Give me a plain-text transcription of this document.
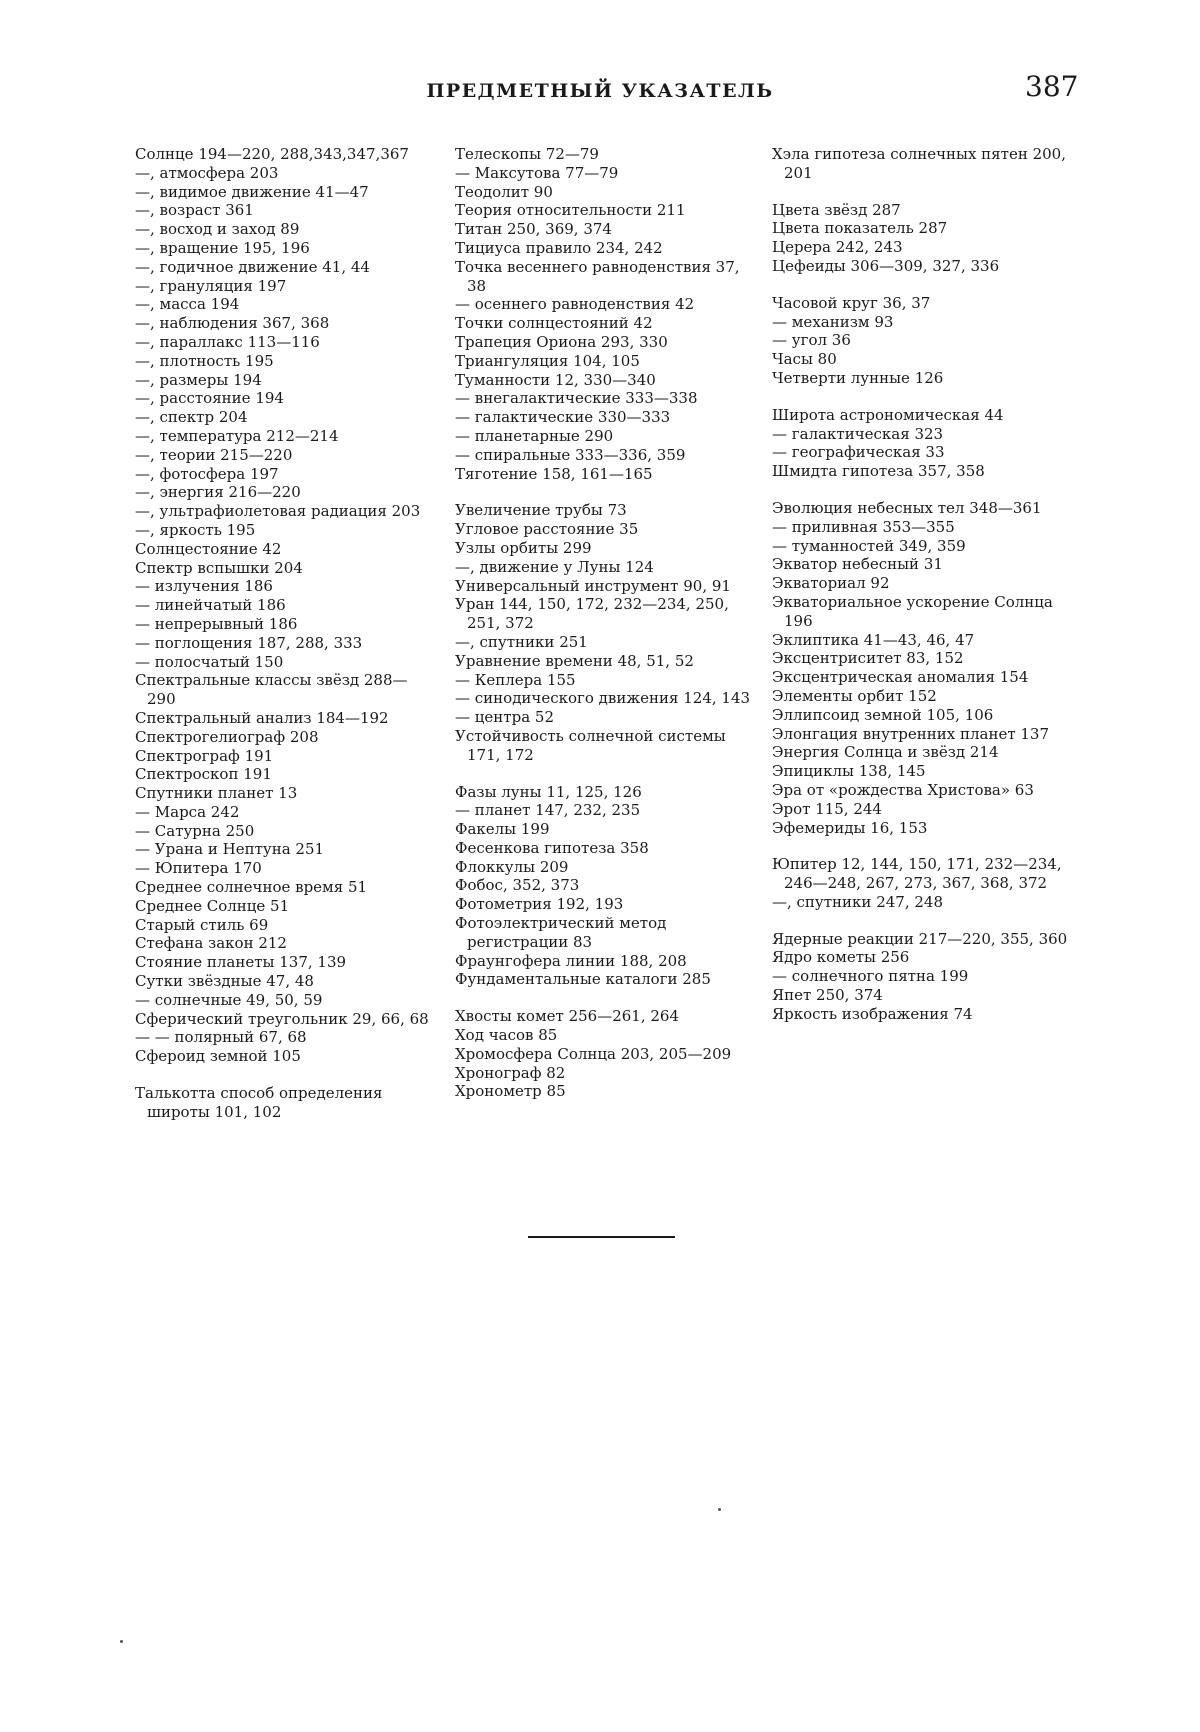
ПРЕДМЕТНЫЙ УКАЗАТЕЛЬ	387
Солнце 194—220, 288,343,347,367
—, атмосфера 203
—, видимое движение 41—47
—, возраст 361
—, восход и заход 89
—, вращение 195, 196
—, годичное движение 41, 44
—, грануляция 197
—, масса 194
—, наблюдения 367, 368
—, параллакс 113—116
—, плотность 195
—, размеры 194
—, расстояние 194
—, спектр 204
—, температура 212—214
—, теории 215—220
—, фотосфера 197
—, энергия 216—220
—, ультрафиолетовая радиация 203
—, яркость 195
Солнцестояние 42
Спектр вспышки 204
— излучения 186
— линейчатый 186
— непрерывный 186
— поглощения 187, 288, 333
— полосчатый 150
Спектральные классы звёзд 288—290
Спектральный анализ 184—192
Спектрогелиограф 208
Спектрограф 191
Спектроскоп 191
Спутники планет 13
— Марса 242
— Сатурна 250
— Урана и Нептуна 251
— Юпитера 170
Среднее солнечное время 51
Среднее Солнце 51
Старый стиль 69
Стефана закон 212
Стояние планеты 137, 139
Сутки звёздные 47, 48
— солнечные 49, 50, 59
Сферический треугольник 29, 66, 68
— — полярный 67, 68
Сфероид земной 105
Талькотта способ определения широты 101, 102
Телескопы 72—79
— Максутова 77—79
Теодолит 90
Теория относительности 211
Титан 250, 369, 374
Тициуса правило 234, 242
Точка весеннего равноденствия 37, 38
— осеннего равноденствия 42
Точки солнцестояний 42
Трапеция Ориона 293, 330
Триангуляция 104, 105
Туманности 12, 330—340
— внегалактические 333—338
— галактические 330—333
— планетарные 290
— спиральные 333—336, 359
Тяготение 158, 161—165
Увеличение трубы 73
Угловое расстояние 35
Узлы орбиты 299
—, движение у Луны 124
Универсальный инструмент 90, 91
Уран 144, 150, 172, 232—234, 250, 251, 372
—, спутники 251
Уравнение времени 48, 51, 52
— Кеплера 155
— синодического движения 124, 143
— центра 52
Устойчивость солнечной системы 171, 172
Фазы луны 11, 125, 126
— планет 147, 232, 235
Факелы 199
Фесенкова гипотеза 358
Флоккулы 209
Фобос, 352, 373
Фотометрия 192, 193
Фотоэлектрический метод регистрации 83
Фраунгофера линии 188, 208
Фундаментальные каталоги 285
Хвосты комет 256—261, 264
Ход часов 85
Хромосфера Солнца 203, 205—209
Хронограф 82
Хронометр 85
Хэла гипотеза солнечных пятен 200, 201
Цвета звёзд 287
Цвета показатель 287
Церера 242, 243
Цефеиды 306—309, 327, 336
Часовой круг 36, 37
— механизм 93
— угол 36
Часы 80
Четверти лунные 126
Широта астрономическая 44
— галактическая 323
— географическая 33
Шмидта гипотеза 357, 358
Эволюция небесных тел 348—361
— приливная 353—355
— туманностей 349, 359
Экватор небесный 31
Экваториал 92
Экваториальное ускорение Солнца 196
Эклиптика 41—43, 46, 47
Эксцентриситет 83, 152
Эксцентрическая аномалия 154
Элементы орбит 152
Эллипсоид земной 105, 106
Элонгация внутренних планет 137
Энергия Солнца и звёзд 214
Эпициклы 138, 145
Эра от «рождества Христова» 63
Эрот 115, 244
Эфемериды 16, 153
Юпитер 12, 144, 150, 171, 232—234, 246—248, 267, 273, 367, 368, 372
—, спутники 247, 248
Ядерные реакции 217—220, 355, 360
Ядро кометы 256
— солнечного пятна 199
Япет 250, 374
Яркость изображения 74
